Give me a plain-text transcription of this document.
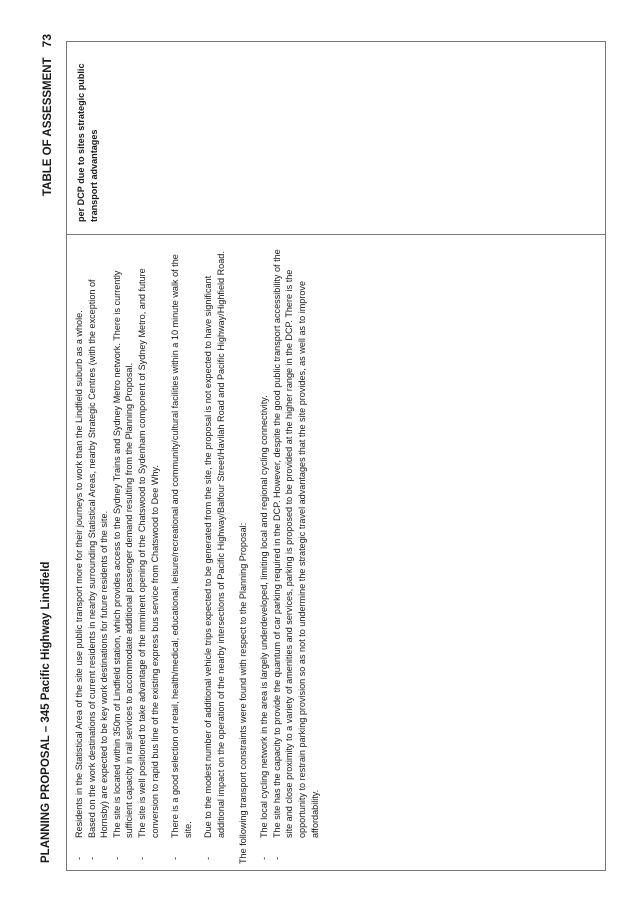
PLANNING PROPOSAL – 345 Pacific Highway Lindfield
TABLE OF ASSESSMENT73
- Residents in the Statistical Area of the site use public transport more for their journeys to work than the Lindfield suburb as a whole. - Based on the work destinations of current residents in nearby surrounding Statistical Areas, nearby Strategic Centres (with the exception of Hornsby) are expected to be key work destinations for future residents of the site. - The site is located within 350m of Lindfield station, which provides access to the Sydney Trains and Sydney Metro network. There is currently sufficient capacity in rail services to accommodate additional passenger demand resulting from the Planning Proposal. - The site is well positioned to take advantage of the imminent opening of the Chatswood to Sydenham component of Sydney Metro, and future conversion to rapid bus line of the existing express bus service from Chatswood to Dee Why. - There is a good selection of retail, health/medical, educational, leisure/recreational and community/cultural facilities within a 10 minute walk of the site. - Due to the modest number of additional vehicle trips expected to be generated from the site, the proposal is not expected to have significant additional impact on the operation of the nearby intersections of Pacific Highway/Balfour Street/Havilah Road and Pacific Highway/Highfield Road. The following transport constraints were found with respect to the Planning Proposal: - The local cycling network in the area is largely underdeveloped, limiting local and regional cycling connectivity. - The site has the capacity to provide the quantum of car parking required in the DCP. However, despite the good public transport accessibility of the site and close proximity to a variety of amenities and services, parking is proposed to be provided at the higher range in the DCP. There is the opportunity to restrain parking provision so as not to undermine the strategic travel advantages that the site provides, as well as to improve affordability.
per DCP due to sites strategic public transport advantages
